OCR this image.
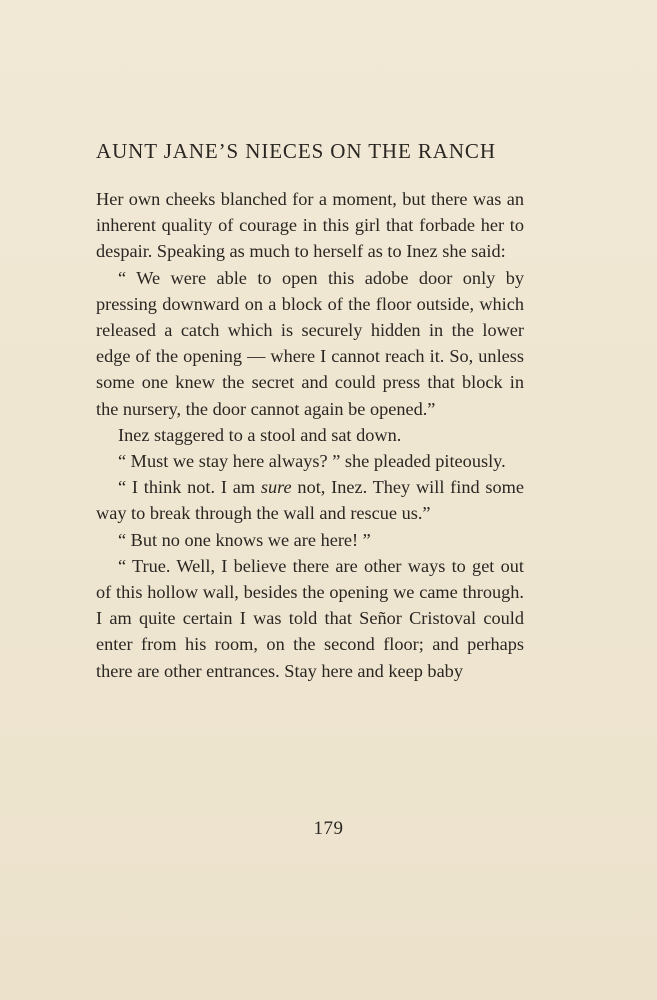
AUNT JANE’S NIECES ON THE RANCH

Her own cheeks blanched for a moment, but there was an inherent quality of courage in this girl that forbade her to despair. Speaking as much to herself as to Inez she said:

“ We were able to open this adobe door only by pressing downward on a block of the floor outside, which released a catch which is securely hidden in the lower edge of the opening — where I cannot reach it. So, unless some one knew the secret and could press that block in the nursery, the door cannot again be opened.”

Inez staggered to a stool and sat down.

“ Must we stay here always? ” she pleaded piteously.

“ I think not. I am sure not, Inez. They will find some way to break through the wall and rescue us.”

“ But no one knows we are here! ”

“ True. Well, I believe there are other ways to get out of this hollow wall, besides the opening we came through. I am quite certain I was told that Señor Cristoval could enter from his room, on the second floor; and perhaps there are other entrances. Stay here and keep baby

179
